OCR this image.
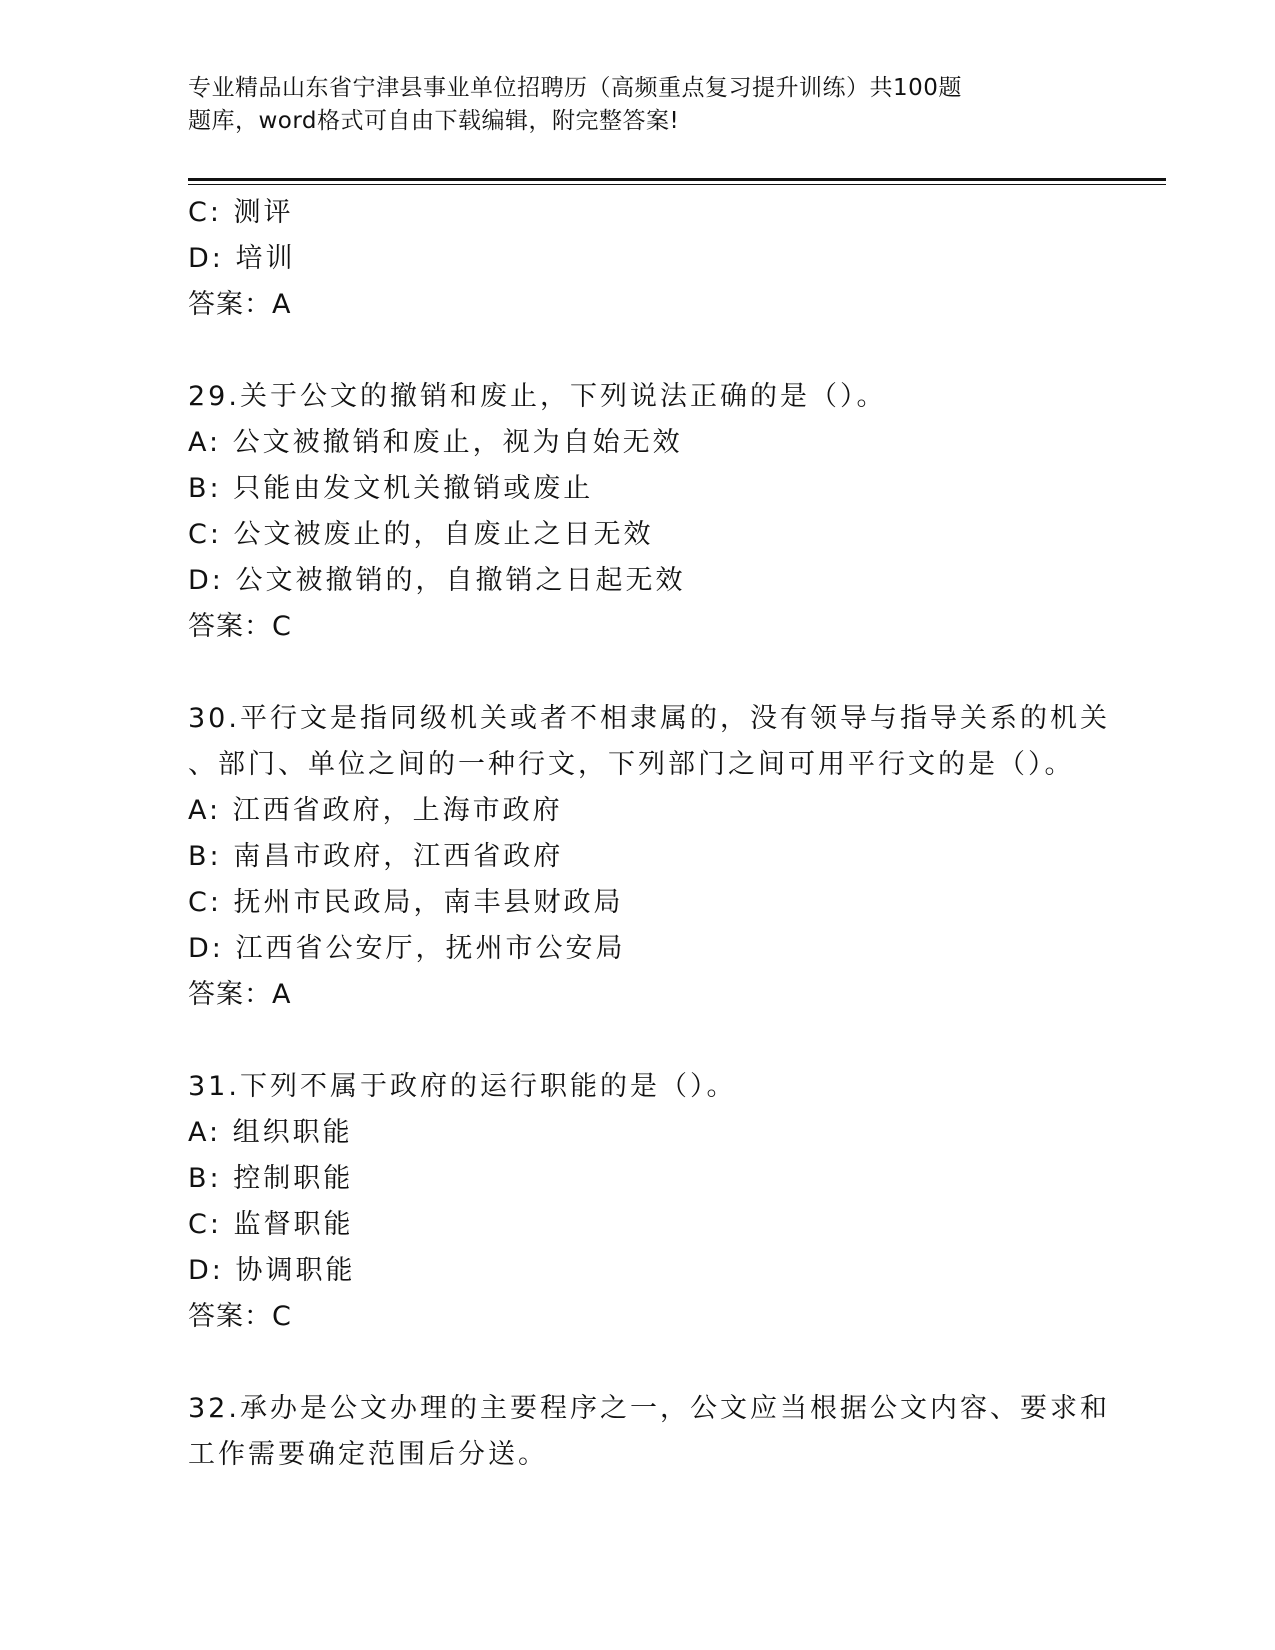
专业精品山东省宁津县事业单位招聘历（高频重点复习提升训练）共100题
题库，word格式可自由下载编辑，附完整答案!
C: 测评
D: 培训
答案：A
29.关于公文的撤销和废止，下列说法正确的是（）。
A: 公文被撤销和废止，视为自始无效
B: 只能由发文机关撤销或废止
C: 公文被废止的，自废止之日无效
D: 公文被撤销的，自撤销之日起无效
答案：C
30.平行文是指同级机关或者不相隶属的，没有领导与指导关系的机关
、部门、单位之间的一种行文，下列部门之间可用平行文的是（）。
A: 江西省政府，上海市政府
B: 南昌市政府，江西省政府
C: 抚州市民政局，南丰县财政局
D: 江西省公安厅，抚州市公安局
答案：A
31.下列不属于政府的运行职能的是（）。
A: 组织职能
B: 控制职能
C: 监督职能
D: 协调职能
答案：C
32.承办是公文办理的主要程序之一，公文应当根据公文内容、要求和
工作需要确定范围后分送。
